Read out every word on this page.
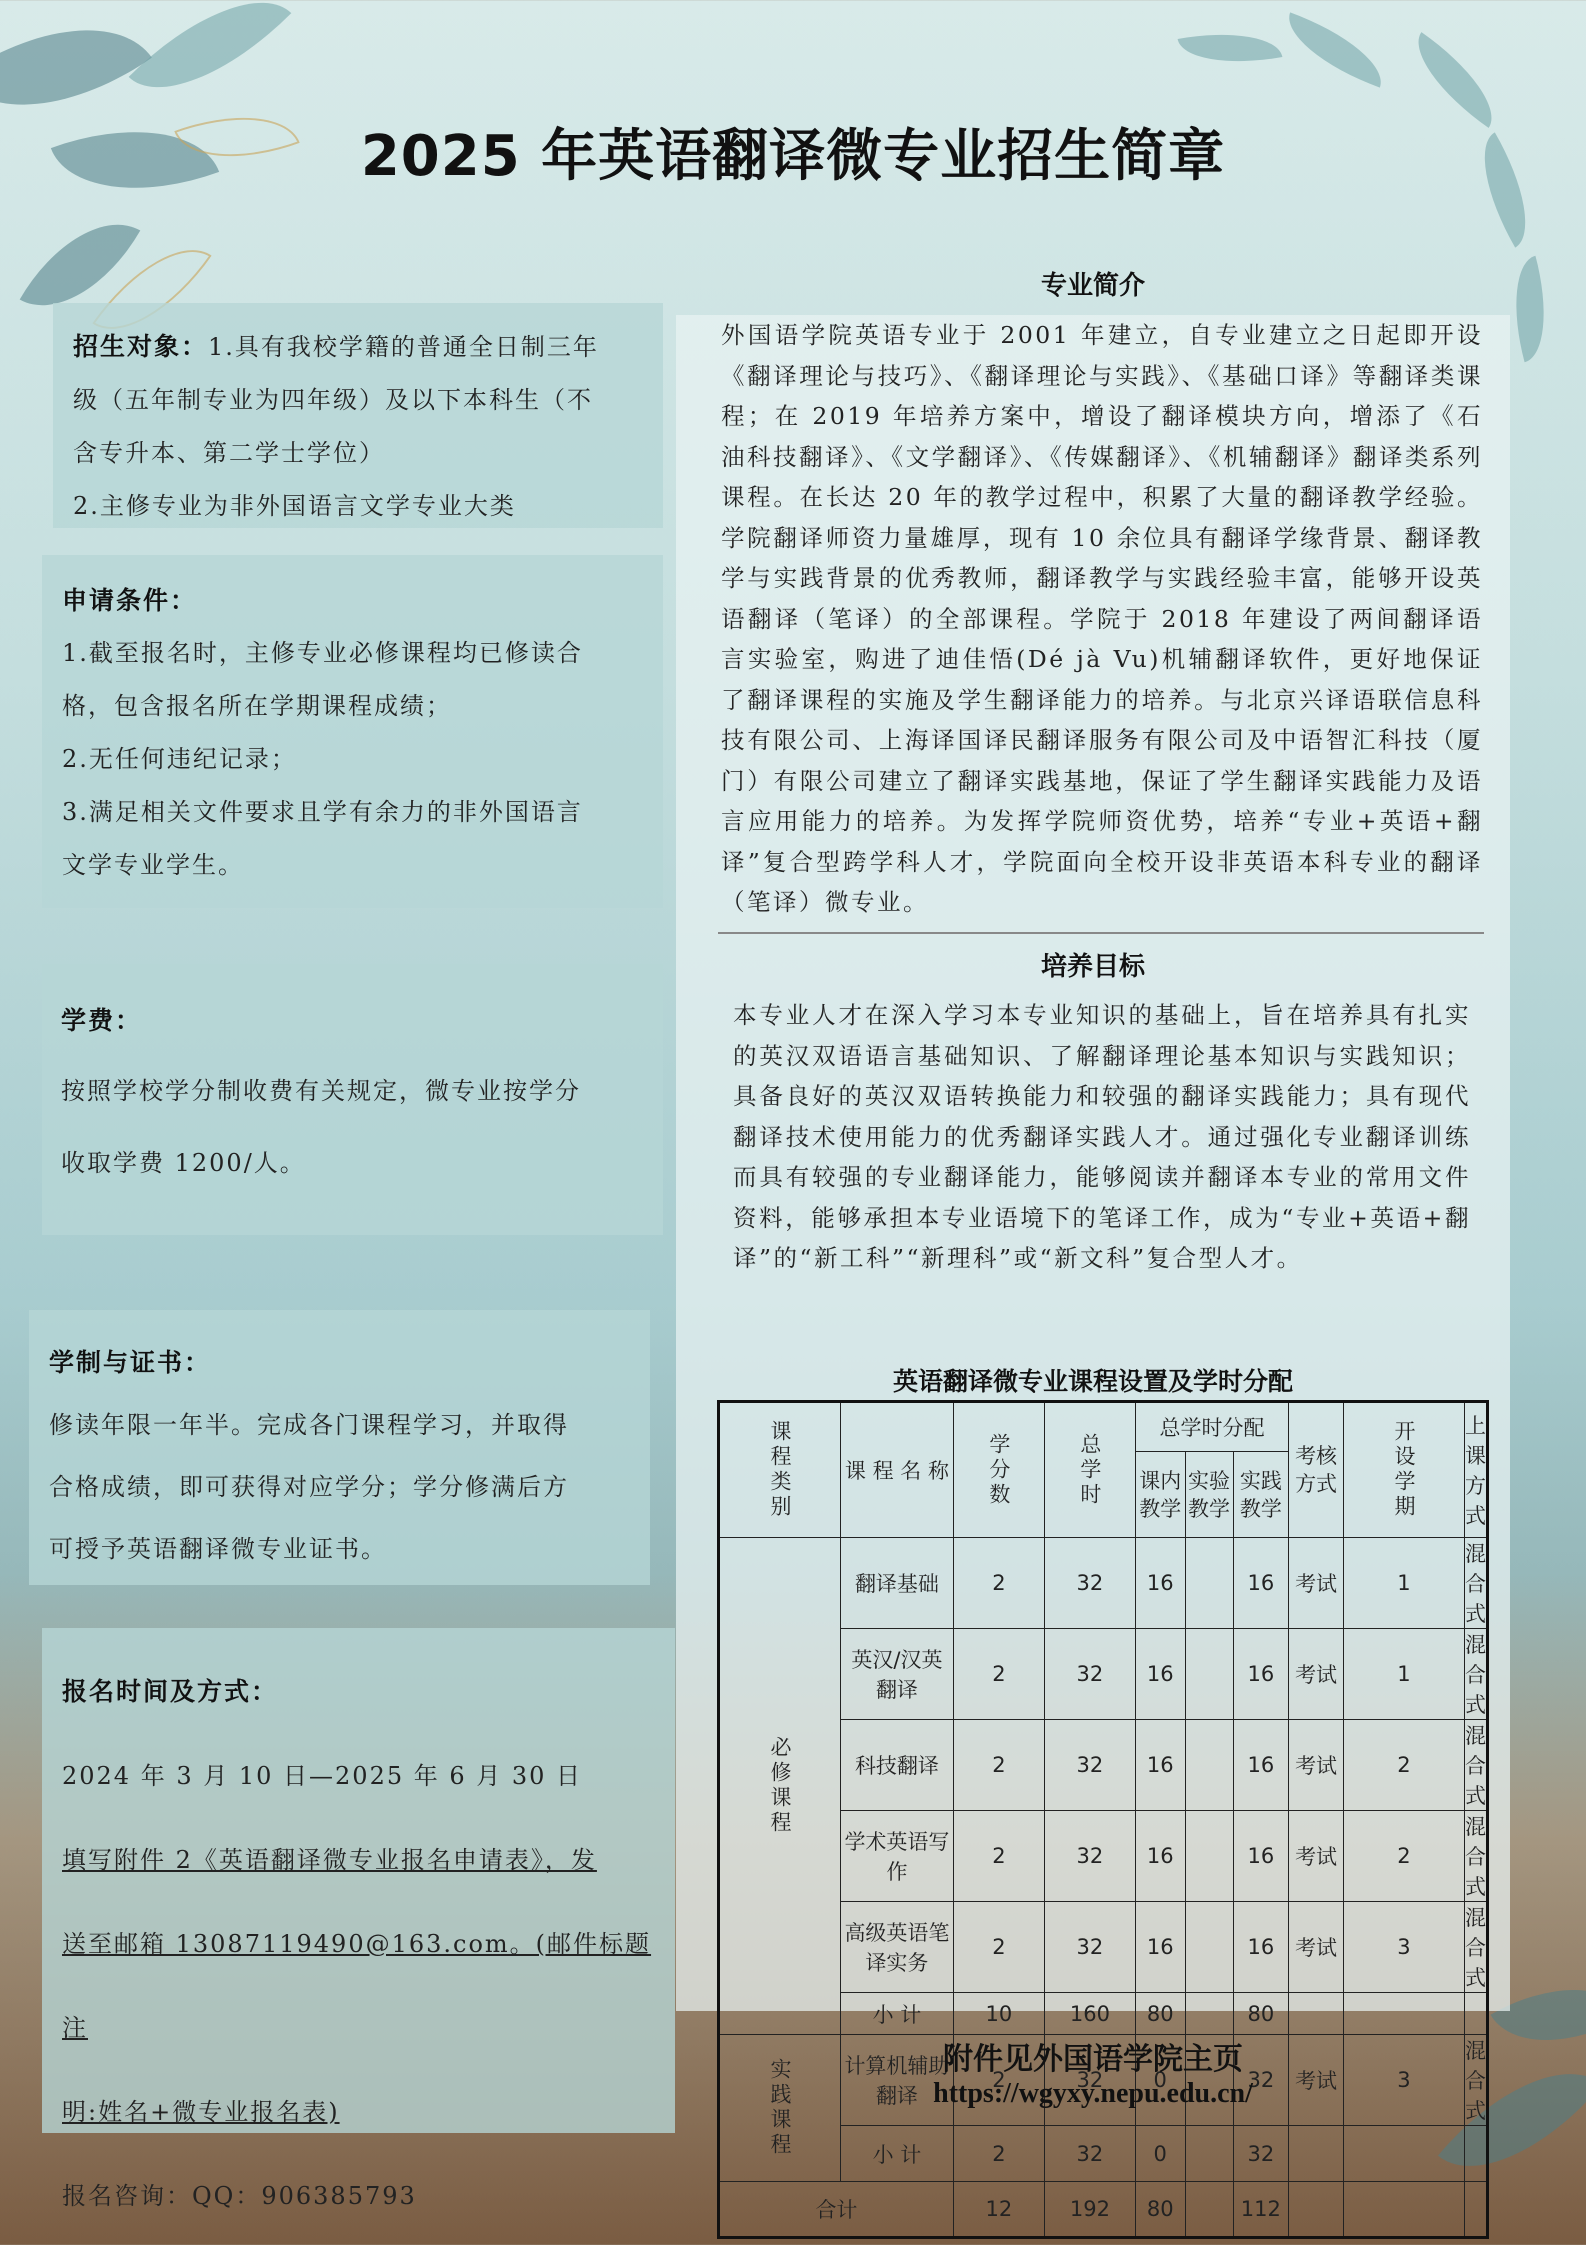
2025 年英语翻译微专业招生简章

招生对象：1.具有我校学籍的普通全日制三年

级（五年制专业为四年级）及以下本科生（不

含专升本、第二学士学位）

2.主修专业为非外国语言文学专业大类

申请条件：

1.截至报名时，主修专业必修课程均已修读合

格，包含报名所在学期课程成绩；

2.无任何违纪记录；

3.满足相关文件要求且学有余力的非外国语言

文学专业学生。

学费：

按照学校学分制收费有关规定，微专业按学分

收取学费 1200/人。

学制与证书：

修读年限一年半。完成各门课程学习，并取得

合格成绩，即可获得对应学分；学分修满后方

可授予英语翻译微专业证书。

报名时间及方式：

2024 年 3 月 10 日—2025 年 6 月 30 日

填写附件 2《英语翻译微专业报名申请表》，发

送至邮箱 13087119490@163.com。(邮件标题注

明:姓名+微专业报名表)

报名咨询：QQ：906385793

专业简介
外国语学院英语专业于 2001 年建立，自专业建立之日起即开设《翻译理论与技巧》、《翻译理论与实践》、《基础口译》等翻译类课程；在 2019 年培养方案中，增设了翻译模块方向，增添了《石油科技翻译》、《文学翻译》、《传媒翻译》、《机辅翻译》翻译类系列课程。在长达 20 年的教学过程中，积累了大量的翻译教学经验。学院翻译师资力量雄厚，现有 10 余位具有翻译学缘背景、翻译教学与实践背景的优秀教师，翻译教学与实践经验丰富，能够开设英语翻译（笔译）的全部课程。学院于 2018 年建设了两间翻译语言实验室，购进了迪佳悟(Dé jà Vu)机辅翻译软件，更好地保证了翻译课程的实施及学生翻译能力的培养。与北京兴译语联信息科技有限公司、上海译国译民翻译服务有限公司及中语智汇科技（厦门）有限公司建立了翻译实践基地，保证了学生翻译实践能力及语言应用能力的培养。为发挥学院师资优势，培养“专业+英语+翻译”复合型跨学科人才，学院面向全校开设非英语本科专业的翻译（笔译）微专业。
培养目标
本专业人才在深入学习本专业知识的基础上，旨在培养具有扎实的英汉双语语言基础知识、了解翻译理论基本知识与实践知识；具备良好的英汉双语转换能力和较强的翻译实践能力；具有现代翻译技术使用能力的优秀翻译实践人才。通过强化专业翻译训练而具有较强的专业翻译能力，能够阅读并翻译本专业的常用文件资料，能够承担本专业语境下的笔译工作，成为“专业+英语+翻译”的“新工科”“新理科”或“新文科”复合型人才。
英语翻译微专业课程设置及学时分配
课程类别	课 程 名 称	学分数	总学时	总学时分配			考核方式	开设学期	上课方式

				课内教学	实验教学	实践教学			

必修课程	翻译基础	2	32	16		16	考试	1	混合式
	英汉/汉英翻译	2	32	16		16	考试	1	混合式
	科技翻译	2	32	16		16	考试	2	混合式
	学术英语写作	2	32	16		16	考试	2	混合式
	高级英语笔译实务	2	32	16		16	考试	3	混合式
	小 计	10	160	80		80			

实践课程	计算机辅助翻译	2	32	0		32	考试	3	混合式
	小 计	2	32	0		32			
合计		12	192	80		112			
附件见外国语学院主页
https://wgyxy.nepu.edu.cn/
